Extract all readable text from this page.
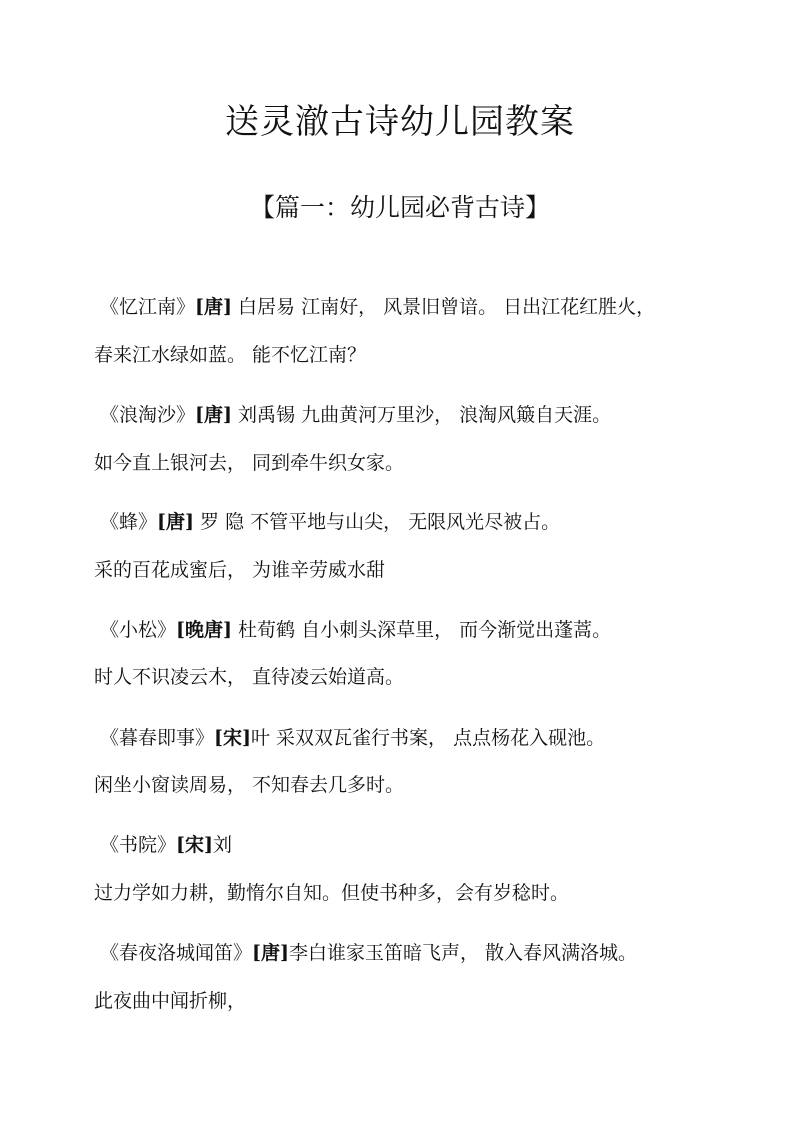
送灵澈古诗幼儿园教案
【篇一：幼儿园必背古诗】
《忆江南》[唐] 白居易 江南好， 风景旧曾谙。 日出江花红胜火，
春来江水绿如蓝。 能不忆江南？
《浪淘沙》[唐] 刘禹锡 九曲黄河万里沙， 浪淘风簸自天涯。
如今直上银河去， 同到牵牛织女家。
《蜂》[唐] 罗 隐 不管平地与山尖， 无限风光尽被占。
采的百花成蜜后， 为谁辛劳威水甜
《小松》[晚唐] 杜荀鹤 自小刺头深草里， 而今渐觉出蓬蒿。
时人不识凌云木， 直待凌云始道高。
《暮春即事》[宋]叶 采双双瓦雀行书案， 点点杨花入砚池。
闲坐小窗读周易， 不知春去几多时。
《书院》[宋]刘
过力学如力耕，勤惰尔自知。但使书种多，会有岁稔时。
《春夜洛城闻笛》[唐]李白谁家玉笛暗飞声， 散入春风满洛城。
此夜曲中闻折柳，
